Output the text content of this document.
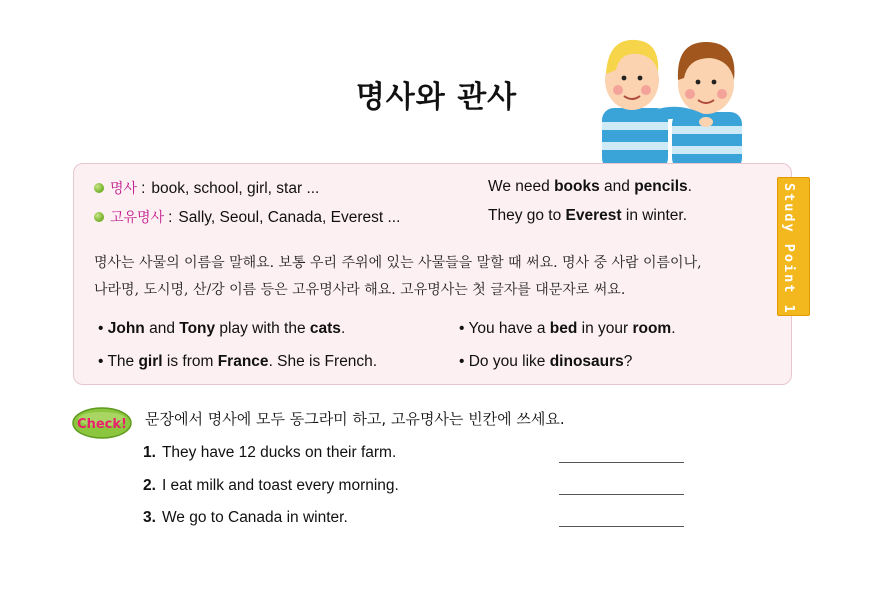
명사와 관사
명사 : book, school, girl, star ...
고유명사 : Sally, Seoul, Canada, Everest ...
We need books and pencils.
They go to Everest in winter.
명사는 사물의 이름을 말해요. 보통 우리 주위에 있는 사물들을 말할 때 써요. 명사 중 사람 이름이나,
나라명, 도시명, 산/강 이름 등은 고유명사라 해요. 고유명사는 첫 글자를 대문자로 써요.
• John and Tony play with the cats.	• You have a bed in your room.
• The girl is from France. She is French.	• Do you like dinosaurs?
Study Point 1
Check! 문장에서 명사에 모두 동그라미 하고, 고유명사는 빈칸에 쓰세요.
1. They have 12 ducks on their farm.
2. I eat milk and toast every morning.
3. We go to Canada in winter.
